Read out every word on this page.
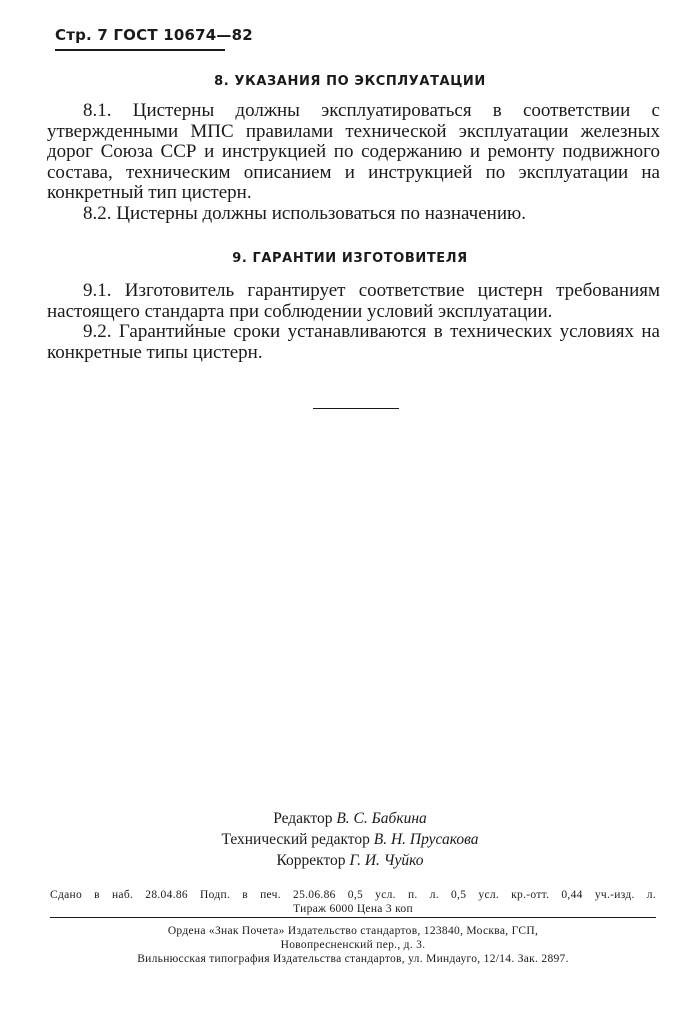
Стр. 7 ГОСТ 10674—82
8. УКАЗАНИЯ ПО ЭКСПЛУАТАЦИИ
8.1. Цистерны должны эксплуатироваться в соответствии с утвержденными МПС правилами технической эксплуатации железных дорог Союза ССР и инструкцией по содержанию и ремонту подвижного состава, техническим описанием и инструкцией по эксплуатации на конкретный тип цистерн.
8.2. Цистерны должны использоваться по назначению.
9. ГАРАНТИИ ИЗГОТОВИТЕЛЯ
9.1. Изготовитель гарантирует соответствие цистерн требованиям настоящего стандарта при соблюдении условий эксплуатации.
9.2. Гарантийные сроки устанавливаются в технических условиях на конкретные типы цистерн.
Редактор В. С. Бабкина
Технический редактор В. Н. Прусакова
Корректор Г. И. Чуйко
Сдано в наб. 28.04.86 Подп. в печ. 25.06.86 0,5 усл. п. л. 0,5 усл. кр.-отт. 0,44 уч.-изд. л.
Тираж 6000 Цена 3 коп
Ордена «Знак Почета» Издательство стандартов, 123840, Москва, ГСП,
Новопресненский пер., д. 3.
Вильнюсская типография Издательства стандартов, ул. Миндауго, 12/14. Зак. 2897.
